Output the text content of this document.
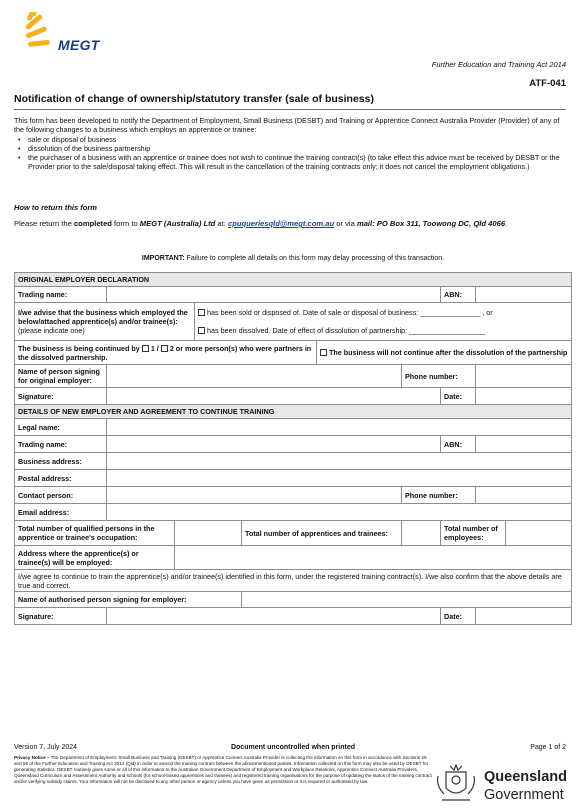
MEGT
Further Education and Training Act 2014
ATF-041
Notification of change of ownership/statutory transfer (sale of business)

This form has been developed to notify the Department of Employment, Small Business (DESBT) and Training or Apprentice Connect Australia Provider (Provider) of any of the following changes to a business which employs an apprentice or trainee:

• sale or disposal of business
• dissolution of the business partnership
• the purchaser of a business with an apprentice or trainee does not wish to continue the training contract(s) (to take effect this advice must be received by DESBT or the Provider prior to the sale/disposal taking effect. This will result in the cancellation of the training contracts only; it does not cancel the employment obligations.)
How to return this form
Please return the completed form to MEGT (Australia) Ltd at: cpuqueriesqld@megt.com.au or via mail: PO Box 311, Toowong DC, Qld 4066.
IMPORTANT: Failure to complete all details on this form may delay processing of this transaction.
ORIGINAL EMPLOYER DECLARATION									
Trading name:							ABN:		
I/we advise that the business which employed the below/attached apprentice(s) and/or trainee(s): (please indicate one)			has been sold or disposed of. Date of sale or disposal of business: _______________ , or						
			has been dissolved. Date of effect of dissolution of partnership: ___________________						
The business is being continued by 1 / 2 or more person(s) who were partners in the dissolved partnership.					The business will not continue after the dissolution of the partnership				
Name of person signing for original employer:						Phone number:			
Signature:							Date:		
DETAILS OF NEW EMPLOYER AND AGREEMENT TO CONTINUE TRAINING									
Legal name:									
Trading name:							ABN:		
Business address:									
Postal address:									
Contact person:						Phone number:			
Email address:									
Total number of qualified persons in the apprentice or trainee's occupation:				Total number of apprentices and trainees:			Total number of employees:		
Address where the apprentice(s) or trainee(s) will be employed:									
I/we agree to continue to train the apprentice(s) and/or trainee(s) identified in this form, under the registered training contract(s). I/we also confirm that the above details are true and correct.									
Name of authorised person signing for employer:									
Signature:							Date:		
Version 7, July 2024	Document uncontrolled when printed	Page 1 of 2
Privacy Notice – The Department of Employment, Small Business and Training (DESBT) or Apprentice Connect Australia Provider is collecting the information on this form in accordance with Sections 29 and 58 of the Further Education and Training Act 2014 (Qld) in order to amend the training contract between the abovementioned parties. Information collected on this form may also be used by DESBT for generating statistics. DESBT routinely gives some or all of this information to the Australian Government Department of Employment and Workplace Relations, Apprentice Connect Australia Providers, Queensland Curriculum and Assessment Authority and schools (for school-based apprentices and trainees) and registered training organisations for the purpose of updating the status of the training contract and/or verifying subsidy claims. Your information will not be disclosed to any other person or agency unless you have given us permission or it is required or authorised by law.	Queensland
Government
